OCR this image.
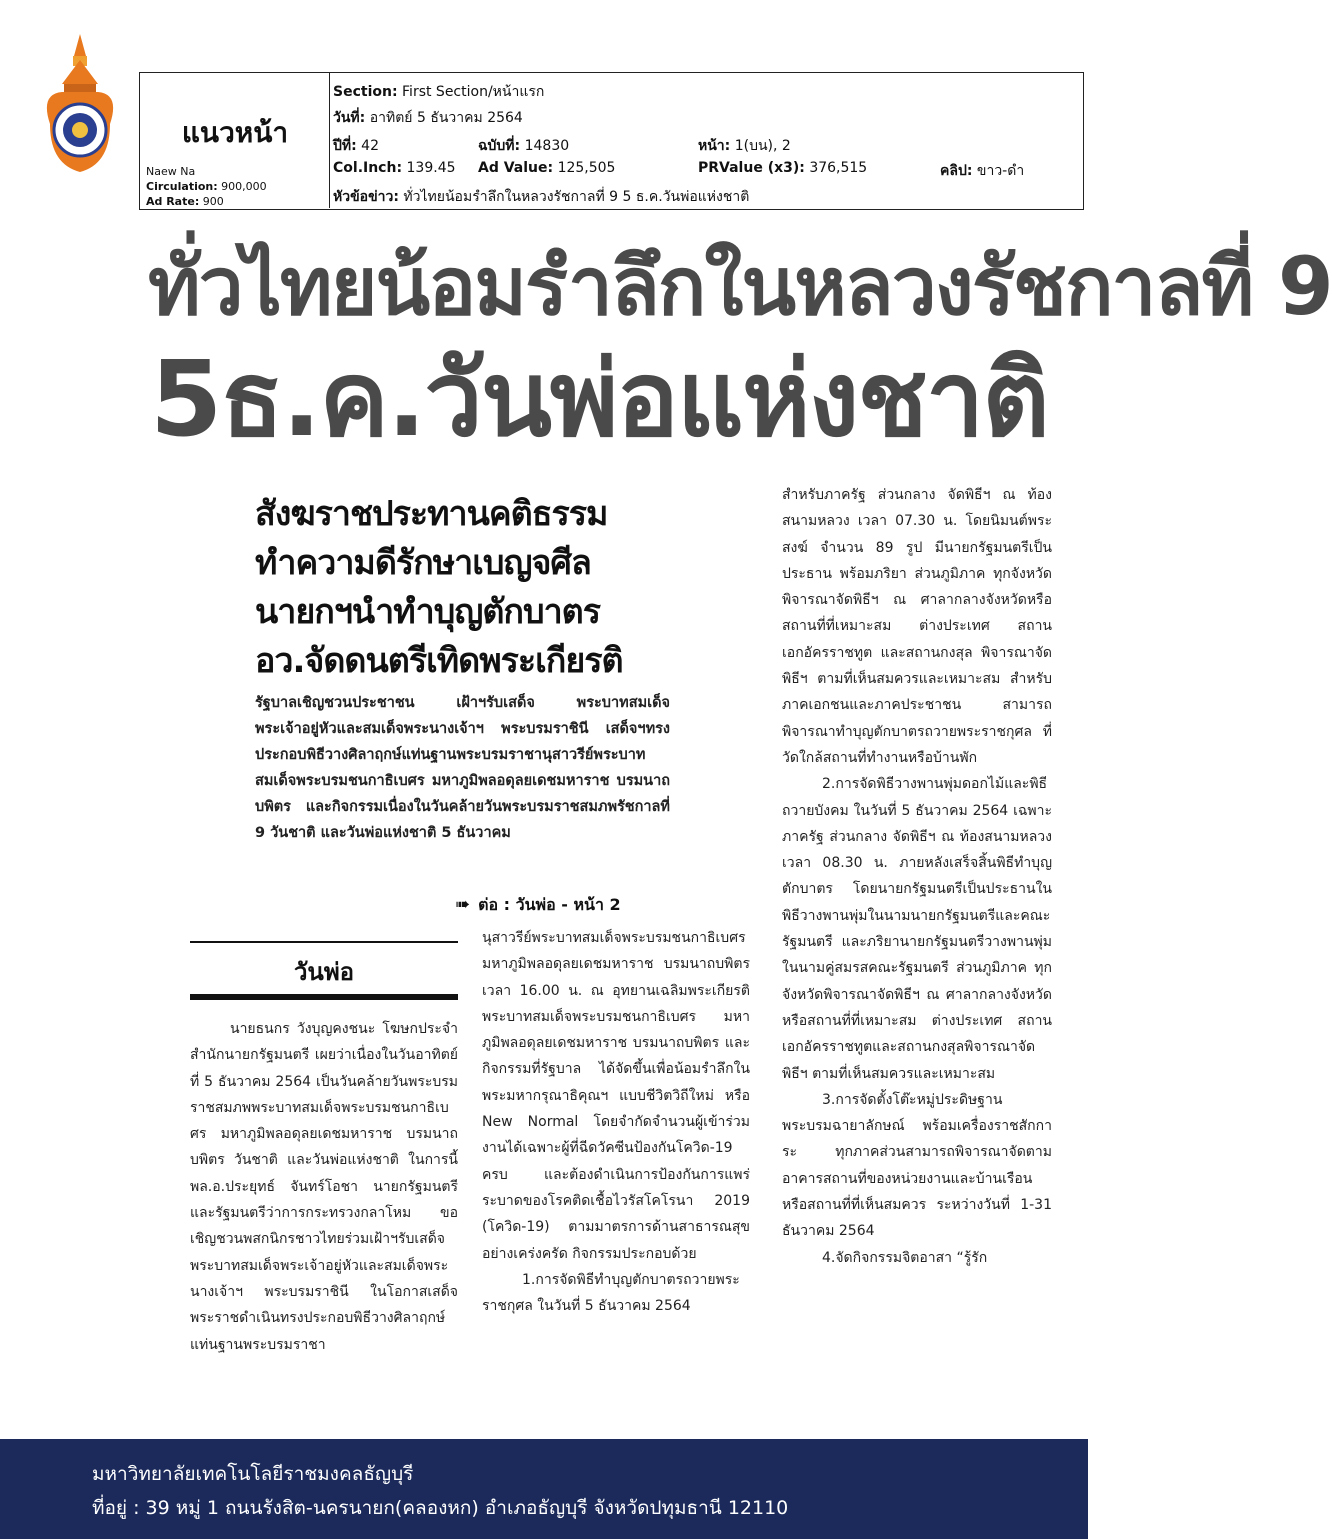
แนวหน้า
Naew Na
Circulation: 900,000
Ad Rate: 900
Section: First Section/หน้าแรก
วันที่: อาทิตย์ 5 ธันวาคม 2564
ปีที่: 42	ฉบับที่: 14830	หน้า: 1(บน), 2
Col.Inch: 139.45 Ad Value: 125,505	PRValue (x3): 376,515	คลิป: ขาว-ดำ
หัวข้อข่าว: ทั่วไทยน้อมรำลึกในหลวงรัชกาลที่ 9 5 ธ.ค.วันพ่อแห่งชาติ
ทั่วไทยน้อมรำลึกในหลวงรัชกาลที่ 9
5ธ.ค.วันพ่อแห่งชาติ
สังฆราชประทานคติธรรม
ทำความดีรักษาเบญจศีล
นายกฯนำทำบุญตักบาตร
อว.จัดดนตรีเทิดพระเกียรติ
รัฐบาลเชิญชวนประชาชน เฝ้าฯรับเสด็จ พระบาทสมเด็จพระเจ้าอยู่หัวและสมเด็จพระนางเจ้าฯ พระบรมราชินี เสด็จฯทรงประกอบพิธีวางศิลาฤกษ์แท่นฐานพระบรมราชานุสาวรีย์พระบาทสมเด็จพระบรมชนกาธิเบศร มหาภูมิพลอดุลยเดชมหาราช บรมนาถบพิตร และกิจกรรมเนื่องในวันคล้ายวันพระบรมราชสมภพรัชกาลที่ 9 วันชาติ และวันพ่อแห่งชาติ 5 ธันวาคม
➠ ต่อ : วันพ่อ - หน้า 2
วันพ่อ

นายธนกร วังบุญคงชนะ โฆษกประจำสำนักนายกรัฐมนตรี เผยว่าเนื่องในวันอาทิตย์ที่ 5 ธันวาคม 2564 เป็นวันคล้ายวันพระบรมราชสมภพพระบาทสมเด็จพระบรมชนกาธิเบศร มหาภูมิพลอดุลยเดชมหาราช บรมนาถบพิตร วันชาติ และวันพ่อแห่งชาติ ในการนี้ พล.อ.ประยุทธ์ จันทร์โอชา นายกรัฐมนตรีและรัฐมนตรีว่าการกระทรวงกลาโหม ขอเชิญชวนพสกนิกรชาวไทยร่วมเฝ้าฯรับเสด็จพระบาทสมเด็จพระเจ้าอยู่หัวและสมเด็จพระนางเจ้าฯ พระบรมราชินี ในโอกาสเสด็จพระราชดำเนินทรงประกอบพิธีวางศิลาฤกษ์แท่นฐานพระบรมราชา

นุสาวรีย์พระบาทสมเด็จพระบรมชนกาธิเบศร มหาภูมิพลอดุลยเดชมหาราช บรมนาถบพิตร เวลา 16.00 น. ณ อุทยานเฉลิมพระเกียรติพระบาทสมเด็จพระบรมชนกาธิเบศร มหาภูมิพลอดุลยเดชมหาราช บรมนาถบพิตร และกิจกรรมที่รัฐบาล ได้จัดขึ้นเพื่อน้อมรำลึกในพระมหากรุณาธิคุณฯ แบบชีวิตวิถีใหม่ หรือ New Normal โดยจำกัดจำนวนผู้เข้าร่วมงานได้เฉพาะผู้ที่ฉีดวัคซีนป้องกันโควิด-19 ครบ และต้องดำเนินการป้องกันการแพร่ระบาดของโรคติดเชื้อไวรัสโคโรนา 2019 (โควิด-19) ตามมาตรการด้านสาธารณสุขอย่างเคร่งครัด กิจกรรมประกอบด้วย

1.การจัดพิธีทำบุญตักบาตรถวายพระราชกุศล ในวันที่ 5 ธันวาคม 2564

สำหรับภาครัฐ ส่วนกลาง จัดพิธีฯ ณ ท้องสนามหลวง เวลา 07.30 น. โดยนิมนต์พระสงฆ์ จำนวน 89 รูป มีนายกรัฐมนตรีเป็นประธาน พร้อมภริยา ส่วนภูมิภาค ทุกจังหวัดพิจารณาจัดพิธีฯ ณ ศาลากลางจังหวัดหรือสถานที่ที่เหมาะสม ต่างประเทศ สถานเอกอัครราชทูต และสถานกงสุล พิจารณาจัดพิธีฯ ตามที่เห็นสมควรและเหมาะสม สำหรับภาคเอกชนและภาคประชาชน สามารถพิจารณาทำบุญตักบาตรถวายพระราชกุศล ที่วัดใกล้สถานที่ทำงานหรือบ้านพัก

2.การจัดพิธีวางพานพุ่มดอกไม้และพิธีถวายบังคม ในวันที่ 5 ธันวาคม 2564 เฉพาะภาครัฐ ส่วนกลาง จัดพิธีฯ ณ ท้องสนามหลวง เวลา 08.30 น. ภายหลังเสร็จสิ้นพิธีทำบุญตักบาตร โดยนายกรัฐมนตรีเป็นประธานในพิธีวางพานพุ่มในนามนายกรัฐมนตรีและคณะรัฐมนตรี และภริยานายกรัฐมนตรีวางพานพุ่มในนามคู่สมรสคณะรัฐมนตรี ส่วนภูมิภาค ทุกจังหวัดพิจารณาจัดพิธีฯ ณ ศาลากลางจังหวัดหรือสถานที่ที่เหมาะสม ต่างประเทศ สถานเอกอัครราชทูตและสถานกงสุลพิจารณาจัดพิธีฯ ตามที่เห็นสมควรและเหมาะสม

3.การจัดตั้งโต๊ะหมู่ประดิษฐานพระบรมฉายาลักษณ์ พร้อมเครื่องราชสักการะ ทุกภาคส่วนสามารถพิจารณาจัดตามอาคารสถานที่ของหน่วยงานและบ้านเรือน หรือสถานที่ที่เห็นสมควร ระหว่างวันที่ 1-31 ธันวาคม 2564

4.จัดกิจกรรมจิตอาสา “รู้รัก

มหาวิทยาลัยเทคโนโลยีราชมงคลธัญบุรี
ที่อยู่ : 39 หมู่ 1 ถนนรังสิต-นครนายก(คลองหก) อำเภอธัญบุรี จังหวัดปทุมธานี 12110
